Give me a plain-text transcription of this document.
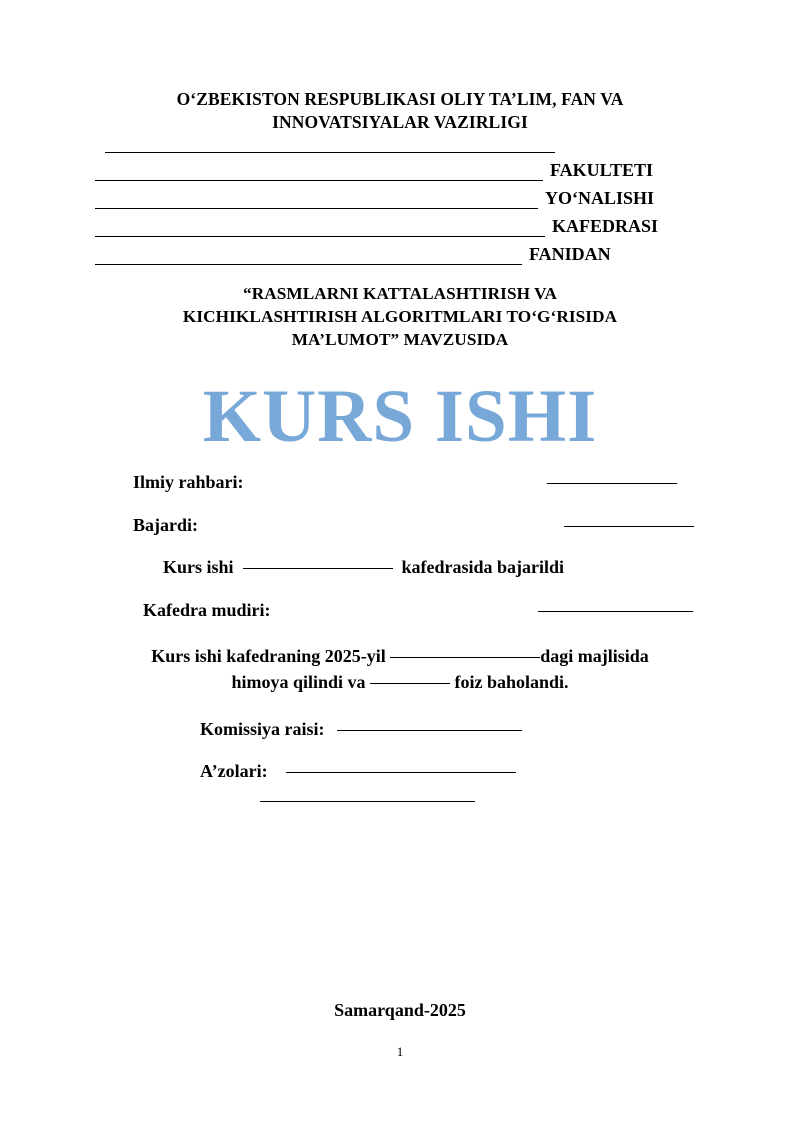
O‘ZBEKISTON RESPUBLIKASI OLIY TA’LIM, FAN VA
INNOVATSIYALAR VAZIRLIGI
FAKULTETI
YO‘NALISHI
KAFEDRASI
FANIDAN
“RASMLARNI KATTALASHTIRISH VA
KICHIKLASHTIRISH ALGORITMLARI TO‘G‘RISIDA
MA’LUMOT” MAVZUSIDA
KURS ISHI
Ilmiy rahbari:
Bajardi:
Kurs ishi	kafedrasida bajarildi
Kafedra mudiri:
Kurs ishi kafedraning 2025-yil	dagi majlisida
himoya qilindi va	foiz baholandi.
Komissiya raisi:
A’zolari:
Samarqand-2025
1
